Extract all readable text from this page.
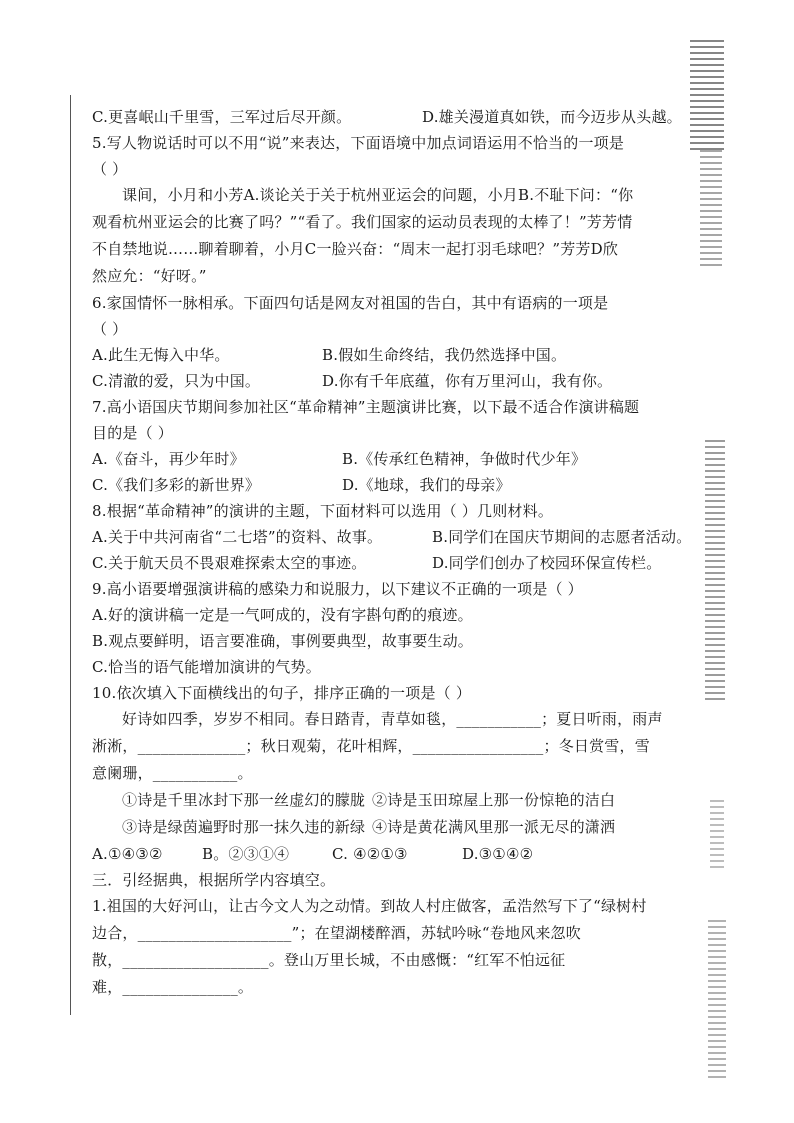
C.更喜岷山千里雪，三军过后尽开颜。	D.雄关漫道真如铁，而今迈步从头越。
5.写人物说话时可以不用“说”来表达，下面语境中加点词语运用不恰当的一项是
（ ）
课间，小月和小芳A.谈论关于关于杭州亚运会的问题，小月B.不耻下问：“你
观看杭州亚运会的比赛了吗？”“看了。我们国家的运动员表现的太棒了！”芳芳情
不自禁地说……聊着聊着，小月C一脸兴奋：“周末一起打羽毛球吧？”芳芳D欣
然应允：“好呀。”
6.家国情怀一脉相承。下面四句话是网友对祖国的告白，其中有语病的一项是
（ ）
A.此生无悔入中华。	B.假如生命终结，我仍然选择中国。
C.清澈的爱，只为中国。	D.你有千年底蕴，你有万里河山，我有你。
7.高小语国庆节期间参加社区“革命精神”主题演讲比赛，以下最不适合作演讲稿题
目的是（ ）
A.《奋斗，再少年时》	B.《传承红色精神，争做时代少年》
C.《我们多彩的新世界》	D.《地球，我们的母亲》
8.根据“革命精神”的演讲的主题，下面材料可以选用（ ）几则材料。
A.关于中共河南省“二七塔”的资料、故事。	B.同学们在国庆节期间的志愿者活动。
C.关于航天员不畏艰难探索太空的事迹。	D.同学们创办了校园环保宣传栏。
9.高小语要增强演讲稿的感染力和说服力，以下建议不正确的一项是（ ）
A.好的演讲稿一定是一气呵成的，没有字斟句酌的痕迹。
B.观点要鲜明，语言要准确，事例要典型，故事要生动。
C.恰当的语气能增加演讲的气势。
10.依次填入下面横线出的句子，排序正确的一项是（ ）
好诗如四季，岁岁不相同。春日踏青，青草如毯，___________；夏日听雨，雨声
淅淅，______________；秋日观菊，花叶相辉，_________________；冬日赏雪，雪
意阑珊，___________。
①诗是千里冰封下那一丝虚幻的朦胧 ②诗是玉田琼屋上那一份惊艳的洁白
③诗是绿茵遍野时那一抹久违的新绿 ④诗是黄花满风里那一派无尽的潇洒
A.①④③②	B。②③①④	C. ④②①③	D.③①④②
三．引经据典，根据所学内容填空。
1.祖国的大好河山，让古今文人为之动情。到故人村庄做客，孟浩然写下了“绿树村
边合，____________________”；在望湖楼醉酒，苏轼吟咏“卷地风来忽吹
散，___________________。登山万里长城，不由感慨：“红军不怕远征
难，_______________。
